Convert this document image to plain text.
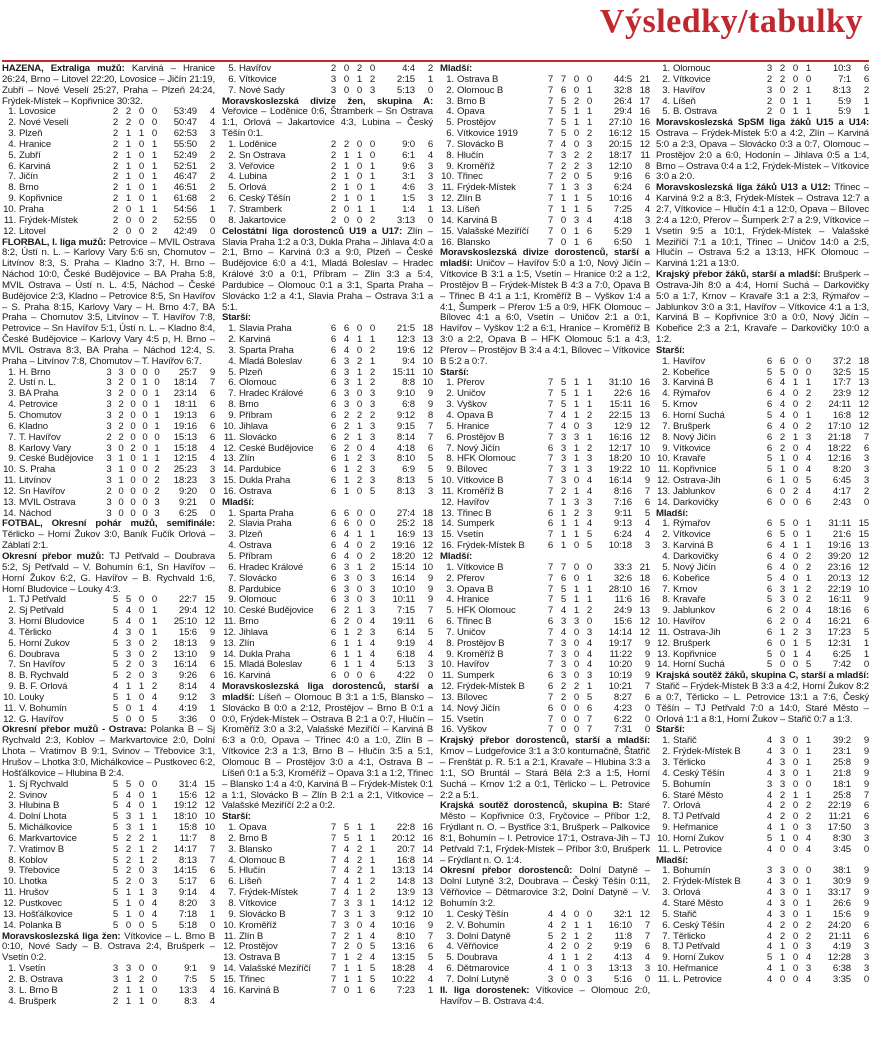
Výsledky/tabulky
HÁZENÁ, Extraliga mužů: Karviná – Hranice 26:24, Brno – Litovel 22:20, Lovosice – Jičín 21:19, Zubří – Nové Veselí 25:27, Praha – Plzeň 24:24, Frýdek-Místek – Kopřivnice 30:32.
1.	Lovosice	2	2	0	0	53:49	4
2.	Nové Veselí	2	2	0	0	50:47	4
3.	Plzeň	2	1	1	0	62:53	3
4.	Hranice	2	1	0	1	55:50	2
5.	Zubří	2	1	0	1	52:49	2
6.	Karviná	2	1	0	1	52:51	2
7.	Jičín	2	1	0	1	46:47	2
8.	Brno	2	1	0	1	46:51	2
9.	Kopřivnice	2	1	0	1	61:68	2
10.	Praha	2	0	1	1	54:56	1
11.	Frýdek-Místek	2	0	0	2	52:55	0
12.	Litovel	2	0	0	2	42:49	0
FLORBAL, I. liga mužů: Petrovice – MVIL Ostrava 8:2, Ústí n. L. – Karlovy Vary 5:6 sn, Chomutov – Litvínov 8:3, S. Praha – Kladno 3:7, H. Brno – Náchod 10:0, České Budějovice – BA Praha 5:8, MVIL Ostrava – Ústí n. L. 4:5, Náchod – České Budějovice 2:3, Kladno – Petrovice 8:5, Sn Havířov – S. Praha 8:15, Karlovy Vary – H. Brno 4:7, BA Praha – Chomutov 3:5, Litvínov – T. Havířov 7:8, Petrovice – Sn Havířov 5:1, Ústí n. L. – Kladno 8:4, České Budějovice – Karlovy Vary 4:5 p, H. Brno – MVIL Ostrava 8:3, BA Praha – Náchod 12:4, S. Praha – Litvínov 7:8, Chomutov – T. Havířov 6:7.
1.	H. Brno	3	3	0	0	0	25:7	9
2.	Ústí n. L.	3	2	0	1	0	18:14	7
3.	BA Praha	3	2	0	0	1	23:14	6
4.	Petrovice	3	2	0	0	1	18:11	6
5.	Chomutov	3	2	0	0	1	19:13	6
6.	Kladno	3	2	0	0	1	19:16	6
7.	T. Havířov	2	2	0	0	0	15:13	6
8.	Karlovy Vary	3	0	2	0	1	15:18	4
9.	České Budějovice	3	1	0	1	1	12:15	4
10.	S. Praha	3	1	0	0	2	25:23	3
11.	Litvínov	3	1	0	0	2	18:23	3
12.	Sn Havířov	2	0	0	0	2	9:20	0
13.	MVIL Ostrava	3	0	0	0	3	9:21	0
14.	Náchod	3	0	0	0	3	6:25	0
FOTBAL, Okresní pohár mužů, semifinále: Těrlicko – Horní Žukov 3:0, Baník Fučík Orlová – Záblatí 2:1.
Okresní přebor mužů: TJ Petřvald – Doubrava 5:2, Sj Petřvald – V. Bohumín 6:1, Sn Havířov – Horní Žukov 6:2, G. Havířov – B. Rychvald 1:6, Horní Bludovice – Louky 4:3.
1.	TJ Petřvald	5	5	0	0	22:7	15
2.	Sj Petřvald	5	4	0	1	29:4	12
3.	Horní Bludovice	5	4	0	1	25:10	12
4.	Těrlicko	4	3	0	1	15:6	9
5.	Horní Žukov	5	3	0	2	18:13	9
6.	Doubrava	5	3	0	2	13:10	9
7.	Sn Havířov	5	2	0	3	16:14	6
8.	B. Rychvald	5	2	0	3	9:26	6
9.	B. F. Orlová	4	1	1	2	8:14	4
10.	Louky	5	1	0	4	9:12	3
11.	V. Bohumín	5	0	1	4	4:19	1
12.	G. Havířov	5	0	0	5	3:36	0
Okresní přebor mužů - Ostrava: Polanka B – Sj Rychvald 2:3, Koblov – Markvartovice 2:0, Dolní Lhota – Vratimov B 9:1, Svinov – Třebovice 3:1, Hrušov – Lhotka 3:0, Michálkovice – Pustkovec 6:2, Hošťálkovice – Hlubina B 2:4.
1.	Sj Rychvald	5	5	0	0	31:4	15
2.	Svinov	5	4	0	1	15:6	12
3.	Hlubina B	5	4	0	1	19:12	12
4.	Dolní Lhota	5	3	1	1	18:10	10
5.	Michálkovice	5	3	1	1	15:8	10
6.	Markvartovice	5	2	2	1	11:7	8
7.	Vratimov B	5	2	1	2	14:17	7
8.	Koblov	5	2	1	2	8:13	7
9.	Třebovice	5	2	0	3	14:15	6
10.	Lhotka	5	2	0	3	5:17	6
11.	Hrušov	5	1	1	3	9:14	4
12.	Pustkovec	5	1	0	4	8:20	3
13.	Hošťálkovice	5	1	0	4	7:18	1
14.	Polanka B	5	0	0	5	5:18	0
Moravskoslezská liga žen: Vítkovice – L. Brno B 0:10, Nové Sady – B. Ostrava 2:4, Brušperk – Vsetín 0:2.
1.	Vsetín	3	3	0	0	9:1	9
2.	B. Ostrava	3	1	2	0	7:5	5
3.	L. Brno B	2	1	1	0	13:3	4
4.	Brušperk	2	1	1	0	8:3	4
5.	Havířov	2	0	2	0	4:4	2
6.	Vítkovice	3	0	1	2	2:15	1
7.	Nové Sady	3	0	0	3	5:13	0
Moravskoslezská divize žen, skupina A: Veřovice – Loděnice 0:6, Štramberk – Sn Ostrava 1:1, Orlová – Jakartovice 4:3, Lubina – Český Těšín 0:1.
1.	Loděnice	2	2	0	0	9:0	6
2.	Sn Ostrava	2	1	1	0	6:1	4
3.	Veřovice	2	1	0	1	9:6	3
4.	Lubina	2	1	0	1	3:1	3
5.	Orlová	2	1	0	1	4:6	3
6.	Český Těšín	2	1	0	1	1:5	3
7.	Štramberk	2	0	1	1	1:4	1
8.	Jakartovice	2	0	0	2	3:13	0
Celostátní liga dorostenců U19 a U17: Zlín – Slavia Praha 1:2 a 0:3, Dukla Praha – Jihlava 4:0 a 2:1, Brno – Karviná 0:3 a 9:0, Plzeň – České Budějovice 6:0 a 4:1, Mladá Boleslav – Hradec Králové 3:0 a 0:1, Příbram – Zlín 3:3 a 5:4, Pardubice – Olomouc 0:1 a 3:1, Sparta Praha – Slovácko 1:2 a 4:1, Slavia Praha – Ostrava 3:1 a 5:1.
Starší:
1.	Slavia Praha	6	6	0	0	21:5	18
2.	Karviná	6	4	1	1	12:3	13
3.	Sparta Praha	6	4	0	2	19:6	12
4.	Mladá Boleslav	6	3	2	1	9:4	10
5.	Plzeň	6	3	1	2	15:11	10
6.	Olomouc	6	3	1	2	8:8	10
7.	Hradec Králové	6	3	0	3	9:10	9
8.	Brno	6	3	0	3	6:8	9
9.	Příbram	6	2	2	2	9:12	8
10.	Jihlava	6	2	1	3	9:15	7
11.	Slovácko	6	2	1	3	8:14	7
12.	České Budějovice	6	2	0	4	4:18	6
13.	Zlín	6	1	2	3	8:10	5
14.	Pardubice	6	1	2	3	6:9	5
15.	Dukla Praha	6	1	2	3	8:13	5
16.	Ostrava	6	1	0	5	8:13	3
Mladší:
1.	Sparta Praha	6	6	0	0	27:4	18
2.	Slavia Praha	6	6	0	0	25:2	18
3.	Plzeň	6	4	1	1	16:9	13
4.	Ostrava	6	4	0	2	19:16	12
5.	Příbram	6	4	0	2	18:20	12
6.	Hradec Králové	6	3	1	2	15:14	10
7.	Slovácko	6	3	0	3	16:14	9
8.	Pardubice	6	3	0	3	10:10	9
9.	Olomouc	6	3	0	3	10:11	9
10.	České Budějovice	6	2	1	3	7:15	7
11.	Brno	6	2	0	4	19:11	6
12.	Jihlava	6	1	2	3	6:14	5
13.	Zlín	6	1	1	4	9:19	4
14.	Dukla Praha	6	1	1	4	6:18	4
15.	Mladá Boleslav	6	1	1	4	5:13	3
16.	Karviná	6	0	0	6	4:22	0
Moravskoslezská liga dorostenců, starší a mladší: Líšeň – Olomouc B 3:1 a 1:5, Blansko – Slovácko B 0:0 a 2:12, Prostějov – Brno B 0:1 a 0:0, Frýdek-Místek – Ostrava B 2:1 a 0:7, Hlučín – Kroměříž 3:0 a 3:2, Valašské Meziříčí – Karviná B 6:3 a 0:0, Opava – Třinec 4:0 a 1:0, Zlín B – Vítkovice 2:3 a 1:3, Brno B – Hlučín 3:5 a 5:1, Olomouc B – Prostějov 3:0 a 4:1, Ostrava B – Líšeň 0:1 a 5:3, Kroměříž – Opava 3:1 a 1:2, Třinec – Blansko 1:4 a 4:0, Karviná B – Frýdek-Místek 0:1 a 1:1, Slovácko B – Zlín B 2:1 a 2:1, Vítkovice – Valašské Meziříčí 2:2 a 0:2.
Starší:
1.	Opava	7	5	1	1	22:8	16
2.	Brno B	7	5	1	1	20:12	16
3.	Blansko	7	4	2	1	20:7	14
4.	Olomouc B	7	4	2	1	16:8	14
5.	Hlučín	7	4	2	1	13:13	14
6.	Líšeň	7	4	1	2	14:8	13
7.	Frýdek-Místek	7	4	1	2	13:9	13
8.	Vítkovice	7	3	3	1	14:12	12
9.	Slovácko B	7	3	1	3	9:12	10
10.	Kroměříž	7	3	0	4	10:16	9
11.	Zlín B	7	2	1	4	8:10	7
12.	Prostějov	7	2	0	5	13:16	6
13.	Ostrava B	7	1	2	4	13:15	5
14.	Valašské Meziříčí	7	1	1	5	18:28	4
15.	Třinec	7	1	1	5	10:22	4
16.	Karviná B	7	0	1	6	7:23	1
Mladší:
1.	Ostrava B	7	7	0	0	44:5	21
2.	Olomouc B	7	6	0	1	32:8	18
3.	Brno B	7	5	2	0	26:4	17
4.	Opava	7	5	1	1	29:4	16
5.	Prostějov	7	5	1	1	27:10	16
6.	Vítkovice 1919	7	5	0	2	16:12	15
7.	Slovácko B	7	4	0	3	20:15	12
8.	Hlučín	7	3	2	2	18:17	11
9.	Kroměříž	7	2	2	3	12:10	8
10.	Třinec	7	2	0	5	9:16	6
11.	Frýdek-Místek	7	1	3	3	6:24	6
12.	Zlín B	7	1	1	5	10:16	4
13.	Líšeň	7	1	1	5	7:25	4
14.	Karviná B	7	0	3	4	4:18	3
15.	Valašské Meziříčí	7	0	1	6	5:29	1
16.	Blansko	7	0	1	6	6:50	1
Moravskoslezská divize dorostenců, starší a mladší: Uničov – Havířov 5:0 a 1:0, Nový Jičín – Vítkovice B 3:1 a 1:5, Vsetín – Hranice 0:2 a 1:2, Prostějov B – Frýdek-Místek B 4:3 a 7:0, Opava B – Třinec B 4:1 a 1:1, Kroměříž B – Vyškov 1:4 a 4:1, Šumperk – Přerov 1:5 a 0:9, HFK Olomouc – Bílovec 4:1 a 6:0, Vsetín – Uničov 2:1 a 0:1, Havířov – Vyškov 1:2 a 6:1, Hranice – Kroměříž B 3:0 a 2:2, Opava B – HFK Olomouc 5:1 a 4:3, Přerov – Prostějov B 3:4 a 4:1, Bílovec – Vítkovice B 5:2 a 0:7.
Starší:
1.	Přerov	7	5	1	1	31:10	16
2.	Uničov	7	5	1	1	22:6	16
3.	Vyškov	7	5	1	1	15:11	16
4.	Opava B	7	4	1	2	22:15	13
5.	Hranice	7	4	0	3	12:9	12
6.	Prostějov B	7	3	3	1	16:16	12
7.	Nový Jičín	6	3	1	2	12:17	10
8.	HFK Olomouc	7	3	1	3	18:20	10
9.	Bílovec	7	3	1	3	19:22	10
10.	Vítkovice B	7	3	0	4	16:14	9
11.	Kroměříž B	7	2	1	4	8:16	7
12.	Havířov	7	1	3	3	7:16	6
13.	Třinec B	6	1	2	3	9:11	5
14.	Šumperk	6	1	1	4	9:13	4
15.	Vsetín	7	1	1	5	6:24	4
16.	Frýdek-Místek B	6	1	0	5	10:18	3
Mladší:
1.	Vítkovice B	7	7	0	0	33:3	21
2.	Přerov	7	6	0	1	32:6	18
3.	Opava B	7	5	1	1	28:10	16
4.	Hranice	7	5	1	1	11:6	16
5.	HFK Olomouc	7	4	1	2	24:9	13
6.	Třinec B	6	3	3	0	15:6	12
7.	Uničov	7	4	0	3	14:14	12
8.	Prostějov B	7	3	0	4	19:17	9
9.	Kroměříž B	7	3	0	4	11:22	9
10.	Havířov	7	3	0	4	10:20	9
11.	Šumperk	6	3	0	3	10:19	9
12.	Frýdek-Místek B	6	2	2	1	10:21	7
13.	Bílovec	7	2	0	5	8:27	6
14.	Nový Jičín	6	0	0	6	4:23	0
15.	Vsetín	7	0	0	7	6:22	0
16.	Vyškov	7	0	0	7	7:31	0
Krajský přebor dorostenců, starší a mladší: Krnov – Ludgeřovice 3:1 a 3:0 kontumačně, Štatřič – Frenštát p. R. 5:1 a 2:1, Kravaře – Hlubina 3:3 a 1:1, SO Bruntál – Stará Bělá 2:3 a 1:5, Horní Suchá – Krnov 1:2 a 0:1, Těrlicko – L. Petrovice 2:2 a 5:1.
Krajská soutěž dorostenců, skupina B: Staré Město – Kopřivnice 0:3, Fryčovice – Příbor 1:2, Frýdlant n. O. – Bystřice 3:1, Brušperk – Palkovice 8:1, Bohumín – I. Petrovice 17:1, Ostrava-Jih – TJ Petřvald 7:1, Frýdek-Místek – Příbor 3:0, Brušperk – Frýdlant n. O. 1:4.
Okresní přebor dorostenců: Dolní Datyně – Dolní Lutyně 3:2, Doubrava – Český Těšín 0:11, Věřňovice – Dětmarovice 3:2, Dolní Datyně – V. Bohumín 3:2.
1.	Český Těšín	4	4	0	0	32:1	12
2.	V. Bohumín	4	2	1	1	16:10	7
3.	Dolní Datyně	5	2	1	2	11:8	7
4.	Věřňovice	4	2	0	2	9:19	6
5.	Doubrava	4	1	1	2	4:13	4
6.	Dětmarovice	4	1	0	3	13:13	3
7.	Dolní Lutyně	3	0	0	3	5:16	0
II. liga dorostenek: Vítkovice – Olomouc 2:0, Havířov – B. Ostrava 4:4.
1.	Olomouc	3	2	0	1	10:3	6
2.	Vítkovice	2	2	0	0	7:1	6
3.	Havířov	3	0	2	1	8:13	2
4.	Líšeň	2	0	1	1	5:9	1
5.	B. Ostrava	2	0	1	1	5:9	1
Moravskoslezská SpSM liga žáků U15 a U14: Ostrava – Frýdek-Místek 5:0 a 4:2, Zlín – Karviná 5:0 a 2:3, Opava – Slovácko 0:3 a 0:7, Olomouc – Prostějov 2:0 a 6:0, Hodonín – Jihlava 0:5 a 1:4, Brno – Ostrava 0:4 a 1:2, Frýdek-Místek – Vítkovice 3:0 a 2:0.
Moravskoslezská liga žáků U13 a U12: Třinec – Karviná 9:2 a 8:3, Frýdek-Místek – Ostrava 12:7 a 2:7, Vítkovice – Hlučín 4:1 a 12:0, Opava – Bílovec 2:4 a 12:0, Přerov – Šumperk 2:7 a 2:9, Vítkovice – Vsetín 9:5 a 10:1, Frýdek-Místek – Valašské Meziříčí 7:1 a 10:1, Třinec – Uničov 14:0 a 2:5, Hlučín – Ostrava 5:2 a 13:13, HFK Olomouc – Karviná 1:21 a 13:0.
Krajský přebor žáků, starší a mladší: Brušperk – Ostrava-Jih 8:0 a 4:4, Horní Suchá – Darkovičky 5:0 a 1:7, Krnov – Kravaře 3:1 a 2:3, Rýmařov – Jablunkov 3:0 a 3:1, Havířov – Vítkovice 4:1 a 1:3, Karviná B – Kopřivnice 3:0 a 0:0, Nový Jičín – Kobeřice 2:3 a 2:1, Kravaře – Darkovičky 10:0 a 1:2.
Starší:
1.	Havířov	6	6	0	0	37:2	18
2.	Kobeřice	5	5	0	0	32:5	15
3.	Karviná B	6	4	1	1	17:7	13
4.	Rýmařov	6	4	0	2	23:9	12
5.	Krnov	6	4	0	2	24:11	12
6.	Horní Suchá	5	4	0	1	16:8	12
7.	Brušperk	6	4	0	2	17:10	12
8.	Nový Jičín	6	2	1	3	21:18	7
9.	Vítkovice	6	2	0	4	18:22	6
10.	Kravaře	5	1	0	4	12:16	3
11.	Kopřivnice	5	1	0	4	8:20	3
12.	Ostrava-Jih	6	1	0	5	6:45	3
13.	Jablunkov	6	0	2	4	4:17	2
14.	Darkovičky	6	0	0	6	2:43	0
Mladší:
1.	Rýmařov	6	5	0	1	31:11	15
2.	Vítkovice	6	5	0	1	21:6	15
3.	Karviná B	6	4	1	1	19:16	13
4.	Darkovičky	6	4	0	2	39:20	12
5.	Nový Jičín	6	4	0	2	23:16	12
6.	Kobeřice	5	4	0	1	20:13	12
7.	Krnov	6	3	1	2	22:19	10
8.	Kravaře	5	3	0	2	16:11	9
9.	Jablunkov	6	2	0	4	18:16	6
10.	Havířov	6	2	0	4	16:21	6
11.	Ostrava-Jih	6	1	2	3	17:23	5
12.	Brušperk	6	0	1	5	12:31	1
13.	Kopřivnice	5	0	1	4	6:25	1
14.	Horní Suchá	5	0	0	5	7:42	0
Krajská soutěž žáků, skupina C, starší a mladší: Stařič – Frýdek-Místek B 3:3 a 4:2, Horní Žukov 8:2 a 0:7, Těrlicko – L. Petrovice 13:1 a 7:6, Český Těšín – TJ Petřvald 7:0 a 14:0, Staré Město – Orlová 1:1 a 8:1, Horní Žukov – Stařič 0:7 a 1:3.
Starší:
1.	Stařič	4	3	0	1	39:2	9
2.	Frýdek-Místek B	4	3	0	1	23:1	9
3.	Těrlicko	4	3	0	1	25:8	9
4.	Český Těšín	4	3	0	1	21:8	9
5.	Bohumín	3	3	0	0	18:1	9
6.	Staré Město	4	2	1	1	25:8	7
7.	Orlová	4	2	0	2	22:19	6
8.	TJ Petřvald	4	2	0	2	11:21	6
9.	Heřmanice	4	1	0	3	17:50	3
10.	Horní Žukov	5	1	0	4	8:30	3
11.	L. Petrovice	4	0	0	4	3:45	0
Mladší:
1.	Bohumín	3	3	0	0	38:1	9
2.	Frýdek-Místek B	4	3	0	1	30:9	9
3.	Orlová	4	3	0	1	33:17	9
4.	Staré Město	4	3	0	1	26:6	9
5.	Stařič	4	3	0	1	15:6	9
6.	Český Těšín	4	2	0	2	24:20	6
7.	Těrlicko	4	2	0	2	21:11	6
8.	TJ Petřvald	4	1	0	3	4:19	3
9.	Horní Žukov	5	1	0	4	12:28	3
10.	Heřmanice	4	1	0	3	6:38	3
11.	L. Petrovice	4	0	0	4	3:35	0
